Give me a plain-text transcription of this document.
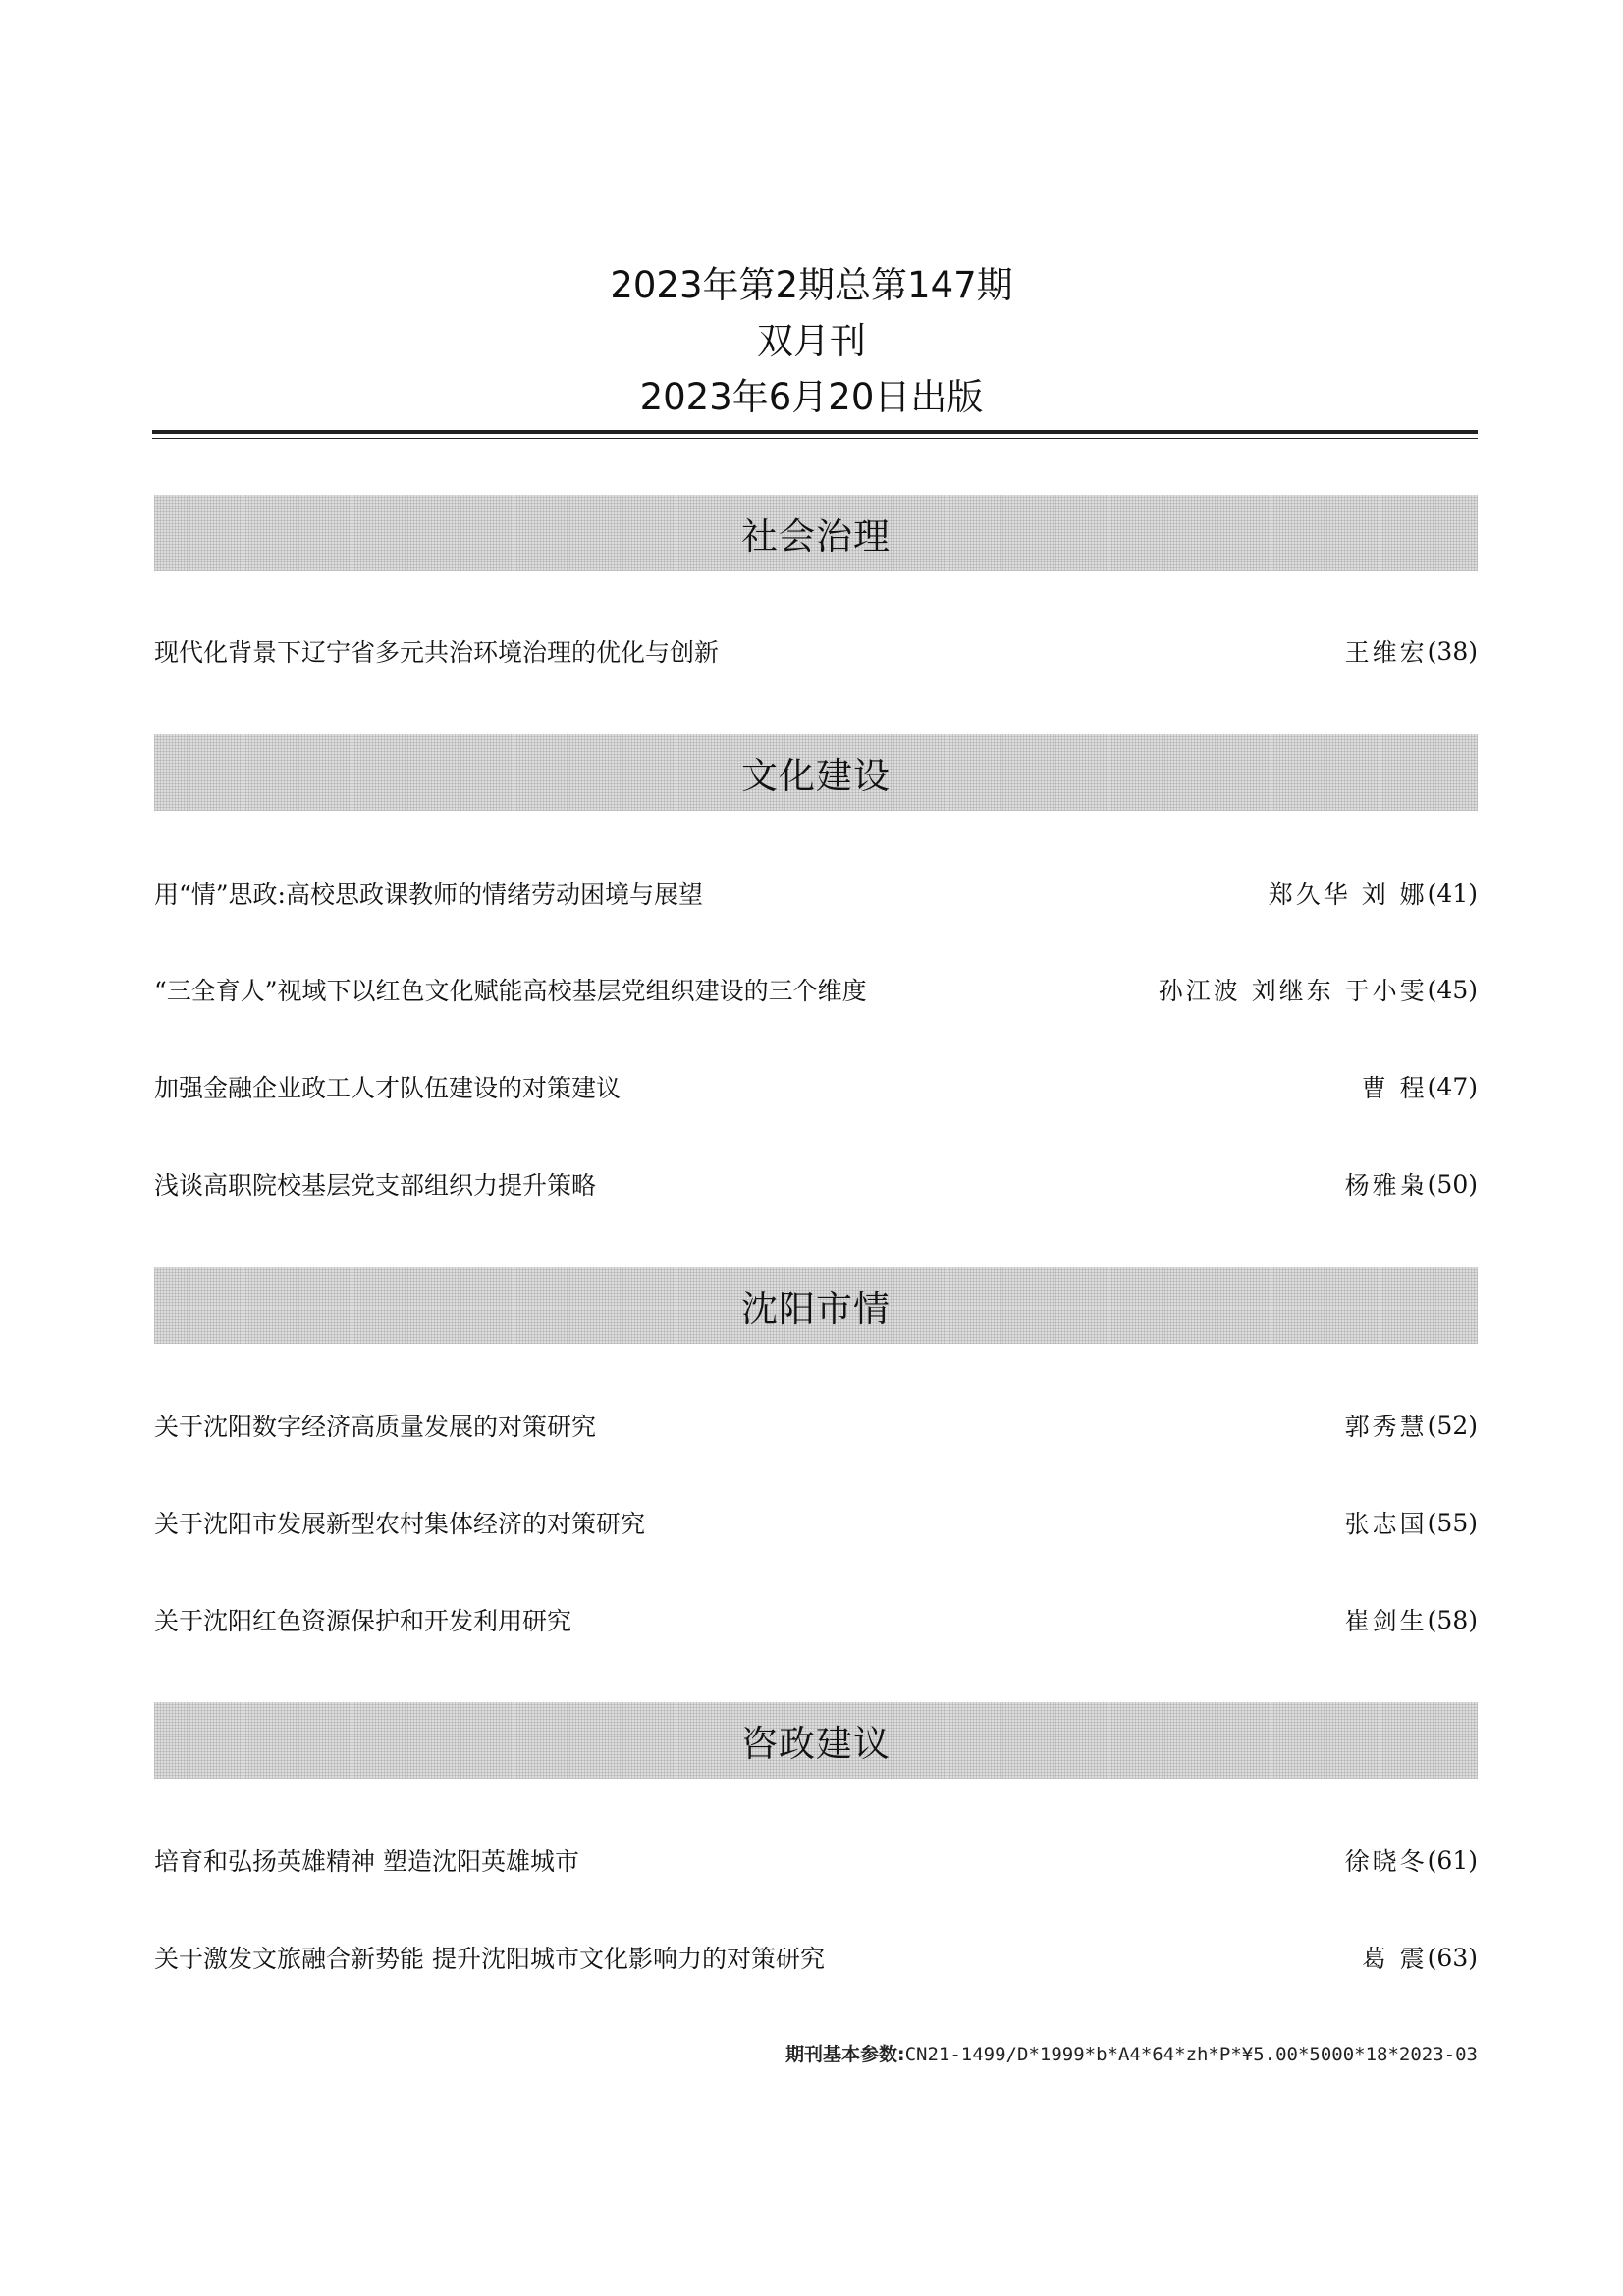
2023年第2期总第147期
双月刊
2023年6月20日出版
社会治理
现代化背景下辽宁省多元共治环境治理的优化与创新	王维宏 (38)
文化建设
用“情”思政:高校思政课教师的情绪劳动困境与展望	郑久华 刘 娜 (41)
“三全育人”视域下以红色文化赋能高校基层党组织建设的三个维度	孙江波 刘继东 于小雯 (45)
加强金融企业政工人才队伍建设的对策建议	曹 程 (47)
浅谈高职院校基层党支部组织力提升策略	杨雅枭 (50)
沈阳市情
关于沈阳数字经济高质量发展的对策研究	郭秀慧 (52)
关于沈阳市发展新型农村集体经济的对策研究	张志国 (55)
关于沈阳红色资源保护和开发利用研究	崔剑生 (58)
咨政建议
培育和弘扬英雄精神 塑造沈阳英雄城市	徐晓冬 (61)
关于激发文旅融合新势能 提升沈阳城市文化影响力的对策研究	葛 震 (63)
期刊基本参数:CN21-1499/D*1999*b*A4*64*zh*P*¥5.00*5000*18*2023-03
